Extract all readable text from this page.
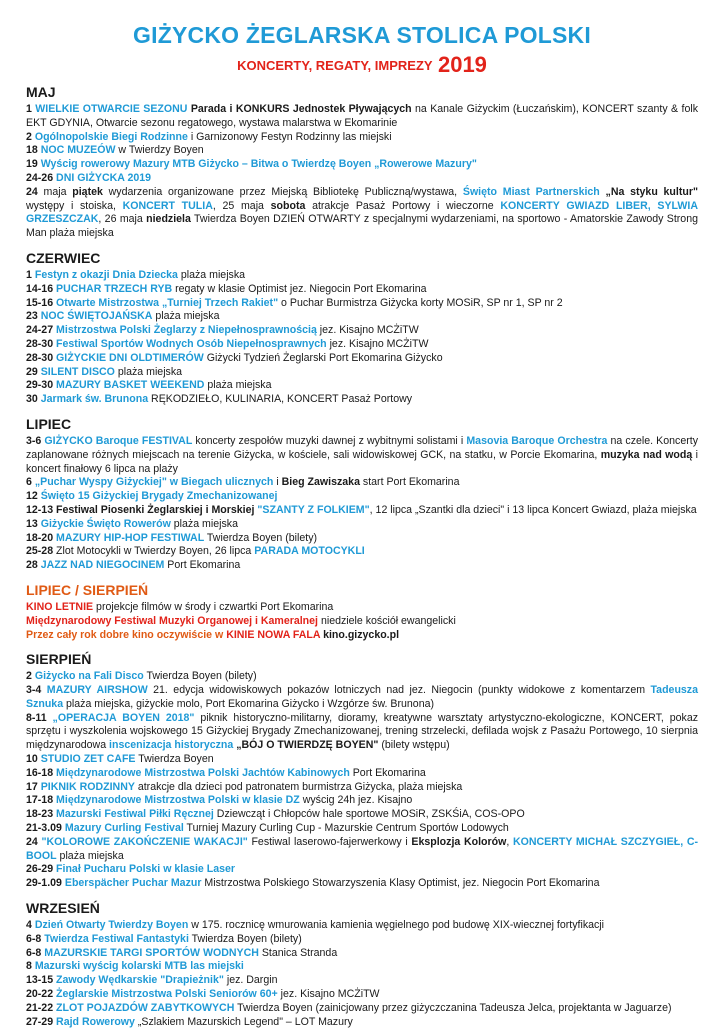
GIŻYCKO ŻEGLARSKA STOLICA POLSKI
KONCERTY, REGATY, IMPREZY 2019
MAJ

1 WIELKIE OTWARCIE SEZONU Parada i KONKURS Jednostek Pływających na Kanale Giżyckim (Łuczańskim), KONCERT szanty & folk EKT GDYNIA, Otwarcie sezonu regatowego, wystawa malarstwa w Ekomarinie

2 Ogólnopolskie Biegi Rodzinne i Garnizonowy Festyn Rodzinny las miejski

18 NOC MUZEÓW w Twierdzy Boyen

19 Wyścig rowerowy Mazury MTB Giżycko – Bitwa o Twierdzę Boyen „Rowerowe Mazury"

24-26 DNI GIŻYCKA 2019

24 maja piątek wydarzenia organizowane przez Miejską Bibliotekę Publiczną/wystawa, Święto Miast Partnerskich „Na styku kultur" występy i stoiska, KONCERT TULIA, 25 maja sobota atrakcje Pasaż Portowy i wieczorne KONCERTY GWIAZD LIBER, SYLWIA GRZESZCZAK, 26 maja niedziela Twierdza Boyen DZIEŃ OTWARTY z specjalnymi wydarzeniami, na sportowo - Amatorskie Zawody Strong Man plaża miejska

CZERWIEC

1 Festyn z okazji Dnia Dziecka plaża miejska

14-16 PUCHAR TRZECH RYB regaty w klasie Optimist jez. Niegocin Port Ekomarina

15-16 Otwarte Mistrzostwa „Turniej Trzech Rakiet" o Puchar Burmistrza Giżycka korty MOSiR, SP nr 1, SP nr 2

23 NOC ŚWIĘTOJAŃSKA plaża miejska

24-27 Mistrzostwa Polski Żeglarzy z Niepełnosprawnością jez. Kisajno MCŻiTW

28-30 Festiwal Sportów Wodnych Osób Niepełnosprawnych jez. Kisajno MCŻiTW

28-30 GIŻYCKIE DNI OLDTIMERÓW Giżycki Tydzień Żeglarski Port Ekomarina Giżycko

29 SILENT DISCO plaża miejska

29-30 MAZURY BASKET WEEKEND plaża miejska

30 Jarmark św. Brunona RĘKODZIEŁO, KULINARIA, KONCERT Pasaż Portowy

LIPIEC

3-6 GIŻYCKO Baroque FESTIVAL koncerty zespołów muzyki dawnej z wybitnymi solistami i Masovia Baroque Orchestra na czele. Koncerty zaplanowane różnych miejscach na terenie Giżycka, w kościele, sali widowiskowej GCK, na statku, w Porcie Ekomarina, muzyka nad wodą i koncert finałowy 6 lipca na plaży

6 „Puchar Wyspy Giżyckiej" w Biegach ulicznych i Bieg Zawiszaka start Port Ekomarina

12 Święto 15 Giżyckiej Brygady Zmechanizowanej

12-13 Festiwal Piosenki Żeglarskiej i Morskiej "SZANTY Z FOLKIEM", 12 lipca „Szantki dla dzieci" i 13 lipca Koncert Gwiazd, plaża miejska

13 Giżyckie Święto Rowerów plaża miejska

18-20 MAZURY HIP-HOP FESTIWAL Twierdza Boyen (bilety)

25-28 Zlot Motocykli w Twierdzy Boyen, 26 lipca PARADA MOTOCYKLI

28 JAZZ NAD NIEGOCINEM Port Ekomarina

LIPIEC / SIERPIEŃ

KINO LETNIE projekcje filmów w środy i czwartki Port Ekomarina

Międzynarodowy Festiwal Muzyki Organowej i Kameralnej niedziele kościół ewangelicki

Przez cały rok dobre kino oczywiście w KINIE NOWA FALA kino.gizycko.pl

SIERPIEŃ

2 Giżycko na Fali Disco Twierdza Boyen (bilety)

3-4 MAZURY AIRSHOW 21. edycja widowiskowych pokazów lotniczych nad jez. Niegocin (punkty widokowe z komentarzem Tadeusza Sznuka plaża miejska, giżyckie molo, Port Ekomarina Giżycko i Wzgórze św. Brunona)

8-11 „OPERACJA BOYEN 2018" piknik historyczno-militarny, dioramy, kreatywne warsztaty artystyczno-ekologiczne, KONCERT, pokaz sprzętu i wyszkolenia wojskowego 15 Giżyckiej Brygady Zmechanizowanej, trening strzelecki, defilada wojsk z Pasażu Portowego, 10 sierpnia międzynarodowa inscenizacja historyczna „BÓJ O TWIERDZĘ BOYEN" (bilety wstępu)

10 STUDIO ZET CAFE Twierdza Boyen

16-18 Międzynarodowe Mistrzostwa Polski Jachtów Kabinowych Port Ekomarina

17 PIKNIK RODZINNY atrakcje dla dzieci pod patronatem burmistrza Giżycka, plaża miejska

17-18 Międzynarodowe Mistrzostwa Polski w klasie DZ wyścig 24h jez. Kisajno

18-23 Mazurski Festiwal Piłki Ręcznej Dziewcząt i Chłopców hale sportowe MOSiR, ZSKŚiA, COS-OPO

21-3.09 Mazury Curling Festival Turniej Mazury Curling Cup - Mazurskie Centrum Sportów Lodowych

24 "KOLOROWE ZAKOŃCZENIE WAKACJI" Festiwal laserowo-fajerwerkowy i Eksplozja Kolorów, KONCERTY MICHAŁ SZCZYGIEŁ, C-BOOL plaża miejska

26-29 Finał Pucharu Polski w klasie Laser

29-1.09 Eberspächer Puchar Mazur Mistrzostwa Polskiego Stowarzyszenia Klasy Optimist, jez. Niegocin Port Ekomarina

WRZESIEŃ

4 Dzień Otwarty Twierdzy Boyen w 175. rocznicę wmurowania kamienia węgielnego pod budowę XIX-wiecznej fortyfikacji

6-8 Twierdza Festiwal Fantastyki Twierdza Boyen (bilety)

6-8 MAZURSKIE TARGI SPORTÓW WODNYCH Stanica Stranda

8 Mazurski wyścig kolarski MTB las miejski

13-15 Zawody Wędkarskie "Drapieżnik" jez. Dargin

20-22 Żeglarskie Mistrzostwa Polski Seniorów 60+ jez. Kisajno MCŻiTW

21-22 ZLOT POJAZDÓW ZABYTKOWYCH Twierdza Boyen (zainicjowany przez giżyczczanina Tadeusza Jelca, projektanta w Jaguarze)

27-29 Rajd Rowerowy „Szlakiem Mazurskich Legend" – LOT Mazury
